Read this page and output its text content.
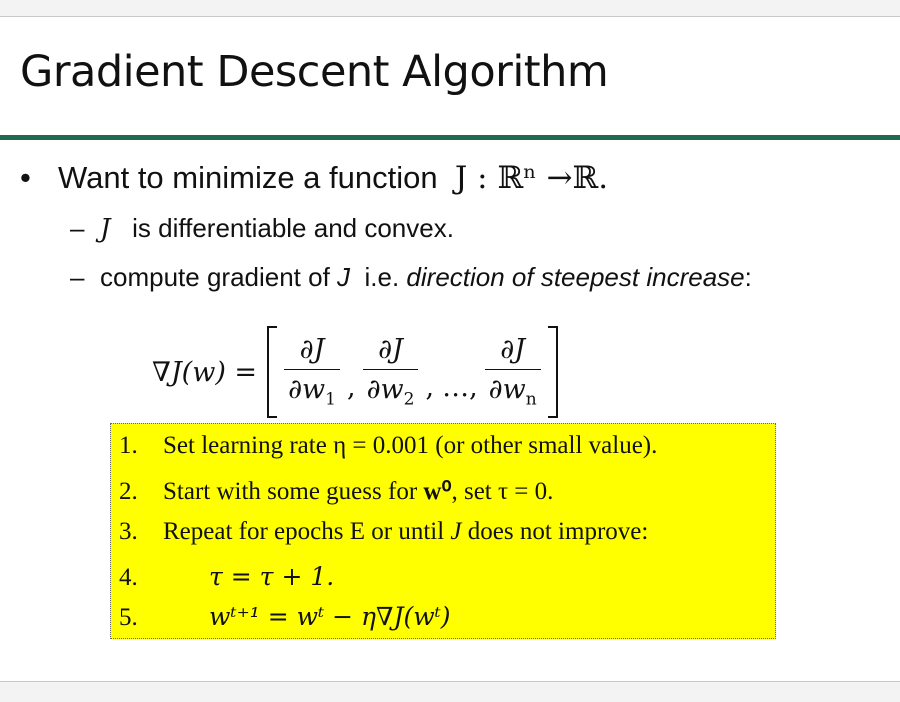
Gradient Descent Algorithm
• Want to minimize a function J : ℝⁿ →ℝ.
– J is differentiable and convex.
– compute gradient of J i.e. direction of steepest increase:
$\nabla J(w) = \frac{\partial J}{\partial w_1}$ , $\frac{\partial J}{\partial w_2}$ , …, $\frac{\partial J}{\partial w_n}$
1. Set learning rate η = 0.001 (or other small value).
2. Start with some guess for w⁰, set τ = 0.
3. Repeat for epochs E or until J does not improve:
4.	τ = τ + 1.
5.	wᵗ⁺¹ = wᵗ − η∇J(wᵗ)
